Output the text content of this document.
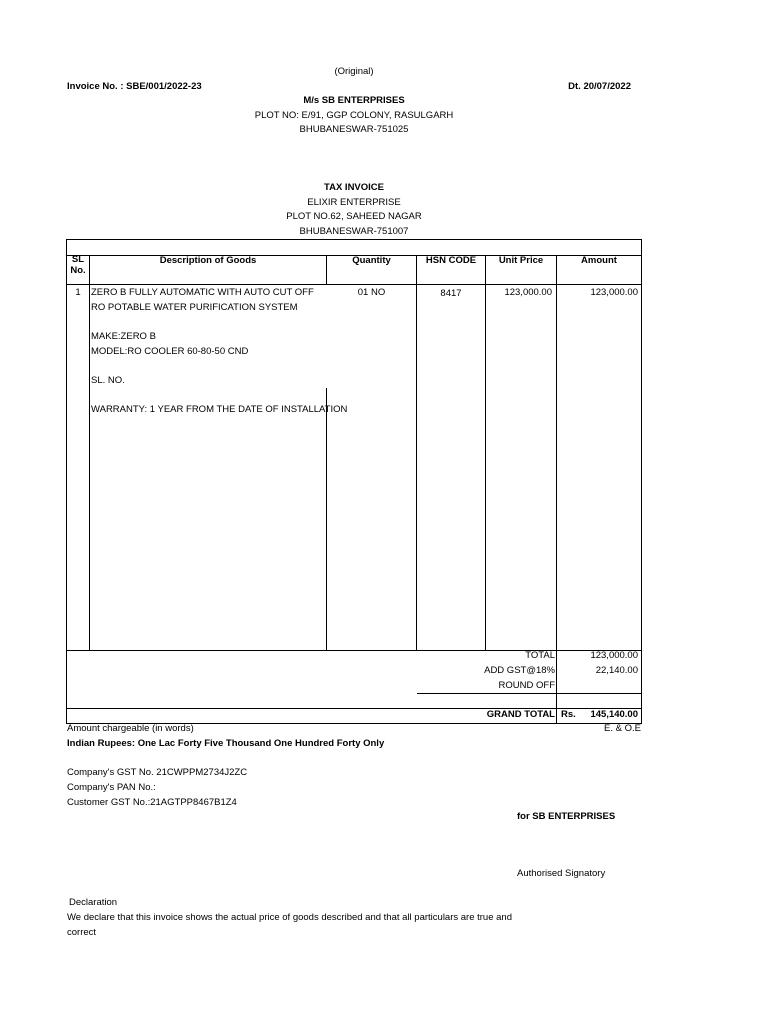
(Original)
Invoice No. : SBE/001/2022-23	Dt. 20/07/2022
M/s SB ENTERPRISES
PLOT NO: E/91, GGP COLONY, RASULGARH
BHUBANESWAR-751025
TAX INVOICE
ELIXIR ENTERPRISE
PLOT NO.62, SAHEED NAGAR
BHUBANESWAR-751007
SL
No.
Description of Goods	Quantity	HSN CODE	Unit Price	Amount
1	ZERO B FULLY AUTOMATIC WITH AUTO CUT OFF
RO POTABLE WATER PURIFICATION SYSTEM
MAKE:ZERO B
MODEL:RO COOLER 60-80-50 CND
SL. NO.
WARRANTY: 1 YEAR FROM THE DATE OF INSTALLATION
01 NO	8417	123,000.00	123,000.00
TOTAL	123,000.00
ADD GST@18%	22,140.00
ROUND OFF
GRAND TOTAL Rs.	145,140.00
Amount chargeable (in words)	E. & O.E
Indian Rupees: One Lac Forty Five Thousand One Hundred Forty Only
Company's GST No. 21CWPPM2734J2ZC
Company's PAN No.:
Customer GST No.:21AGTPP8467B1Z4
for SB ENTERPRISES
Authorised Signatory
Declaration
We declare that this invoice shows the actual price of goods described and that all particulars are true and
correct
